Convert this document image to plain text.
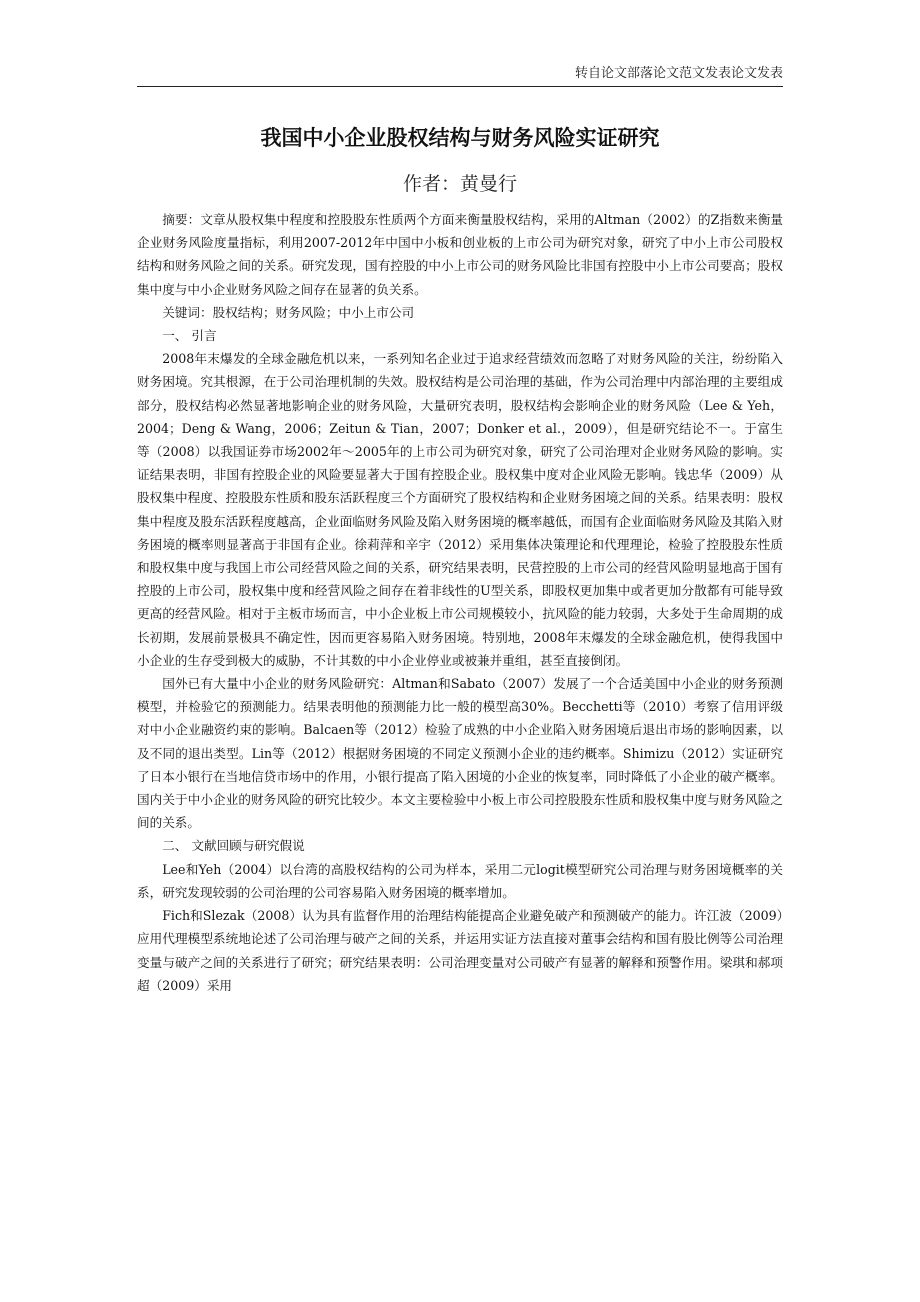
转自论文部落论文范文发表论文发表
我国中小企业股权结构与财务风险实证研究
作者：黄曼行

摘要：文章从股权集中程度和控股股东性质两个方面来衡量股权结构，采用的Altman（2002）的Z指数来衡量企业财务风险度量指标，利用2007-2012年中国中小板和创业板的上市公司为研究对象，研究了中小上市公司股权结构和财务风险之间的关系。研究发现，国有控股的中小上市公司的财务风险比非国有控股中小上市公司要高；股权集中度与中小企业财务风险之间存在显著的负关系。

关键词：股权结构；财务风险；中小上市公司

一、 引言

2008年末爆发的全球金融危机以来，一系列知名企业过于追求经营绩效而忽略了对财务风险的关注，纷纷陷入财务困境。究其根源，在于公司治理机制的失效。股权结构是公司治理的基础，作为公司治理中内部治理的主要组成部分，股权结构必然显著地影响企业的财务风险，大量研究表明，股权结构会影响企业的财务风险（Lee & Yeh，2004；Deng & Wang，2006；Zeitun & Tian，2007；Donker et al.，2009），但是研究结论不一。于富生等（2008）以我国证券市场2002年～2005年的上市公司为研究对象，研究了公司治理对企业财务风险的影响。实证结果表明，非国有控股企业的风险要显著大于国有控股企业。股权集中度对企业风险无影响。钱忠华（2009）从股权集中程度、控股股东性质和股东活跃程度三个方面研究了股权结构和企业财务困境之间的关系。结果表明：股权集中程度及股东活跃程度越高，企业面临财务风险及陷入财务困境的概率越低，而国有企业面临财务风险及其陷入财务困境的概率则显著高于非国有企业。徐莉萍和辛宇（2012）采用集体决策理论和代理理论，检验了控股股东性质和股权集中度与我国上市公司经营风险之间的关系，研究结果表明，民营控股的上市公司的经营风险明显地高于国有控股的上市公司，股权集中度和经营风险之间存在着非线性的U型关系，即股权更加集中或者更加分散都有可能导致更高的经营风险。相对于主板市场而言，中小企业板上市公司规模较小，抗风险的能力较弱，大多处于生命周期的成长初期，发展前景极具不确定性，因而更容易陷入财务困境。特别地，2008年末爆发的全球金融危机，使得我国中小企业的生存受到极大的威胁，不计其数的中小企业停业或被兼并重组，甚至直接倒闭。

国外已有大量中小企业的财务风险研究：Altman和Sabato（2007）发展了一个合适美国中小企业的财务预测模型，并检验它的预测能力。结果表明他的预测能力比一般的模型高30%。Becchetti等（2010）考察了信用评级对中小企业融资约束的影响。Balcaen等（2012）检验了成熟的中小企业陷入财务困境后退出市场的影响因素，以及不同的退出类型。Lin等（2012）根据财务困境的不同定义预测小企业的违约概率。Shimizu（2012）实证研究了日本小银行在当地信贷市场中的作用，小银行提高了陷入困境的小企业的恢复率，同时降低了小企业的破产概率。国内关于中小企业的财务风险的研究比较少。本文主要检验中小板上市公司控股股东性质和股权集中度与财务风险之间的关系。

二、 文献回顾与研究假说

Lee和Yeh（2004）以台湾的高股权结构的公司为样本，采用二元logit模型研究公司治理与财务困境概率的关系，研究发现较弱的公司治理的公司容易陷入财务困境的概率增加。

Fich和Slezak（2008）认为具有监督作用的治理结构能提高企业避免破产和预测破产的能力。许江波（2009）应用代理模型系统地论述了公司治理与破产之间的关系，并运用实证方法直接对董事会结构和国有股比例等公司治理变量与破产之间的关系进行了研究；研究结果表明：公司治理变量对公司破产有显著的解释和预警作用。梁琪和郝项超（2009）采用
